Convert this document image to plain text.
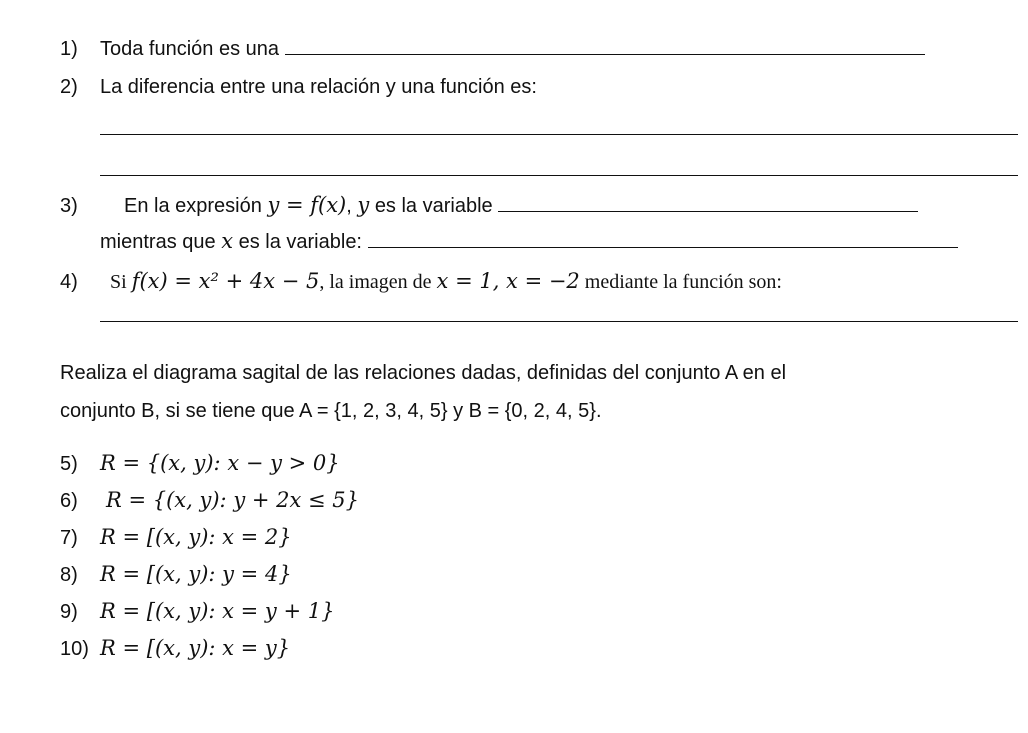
1) Toda función es una
2) La diferencia entre una relación y una función es:
3) En la expresión y = f(x), y es la variable
mientras que x es la variable:
4) Si f(x) = x² + 4x − 5, la imagen de x = 1, x = −2 mediante la función son:
Realiza el diagrama sagital de las relaciones dadas, definidas del conjunto A en el
conjunto B, si se tiene que A = {1, 2, 3, 4, 5} y B = {0, 2, 4, 5}.
5) R = {(x, y): x − y > 0}
6) R = {(x, y): y + 2x ≤ 5}
7) R = [(x, y): x = 2}
8) R = [(x, y): y = 4}
9) R = [(x, y): x = y + 1}
10) R = [(x, y): x = y}
